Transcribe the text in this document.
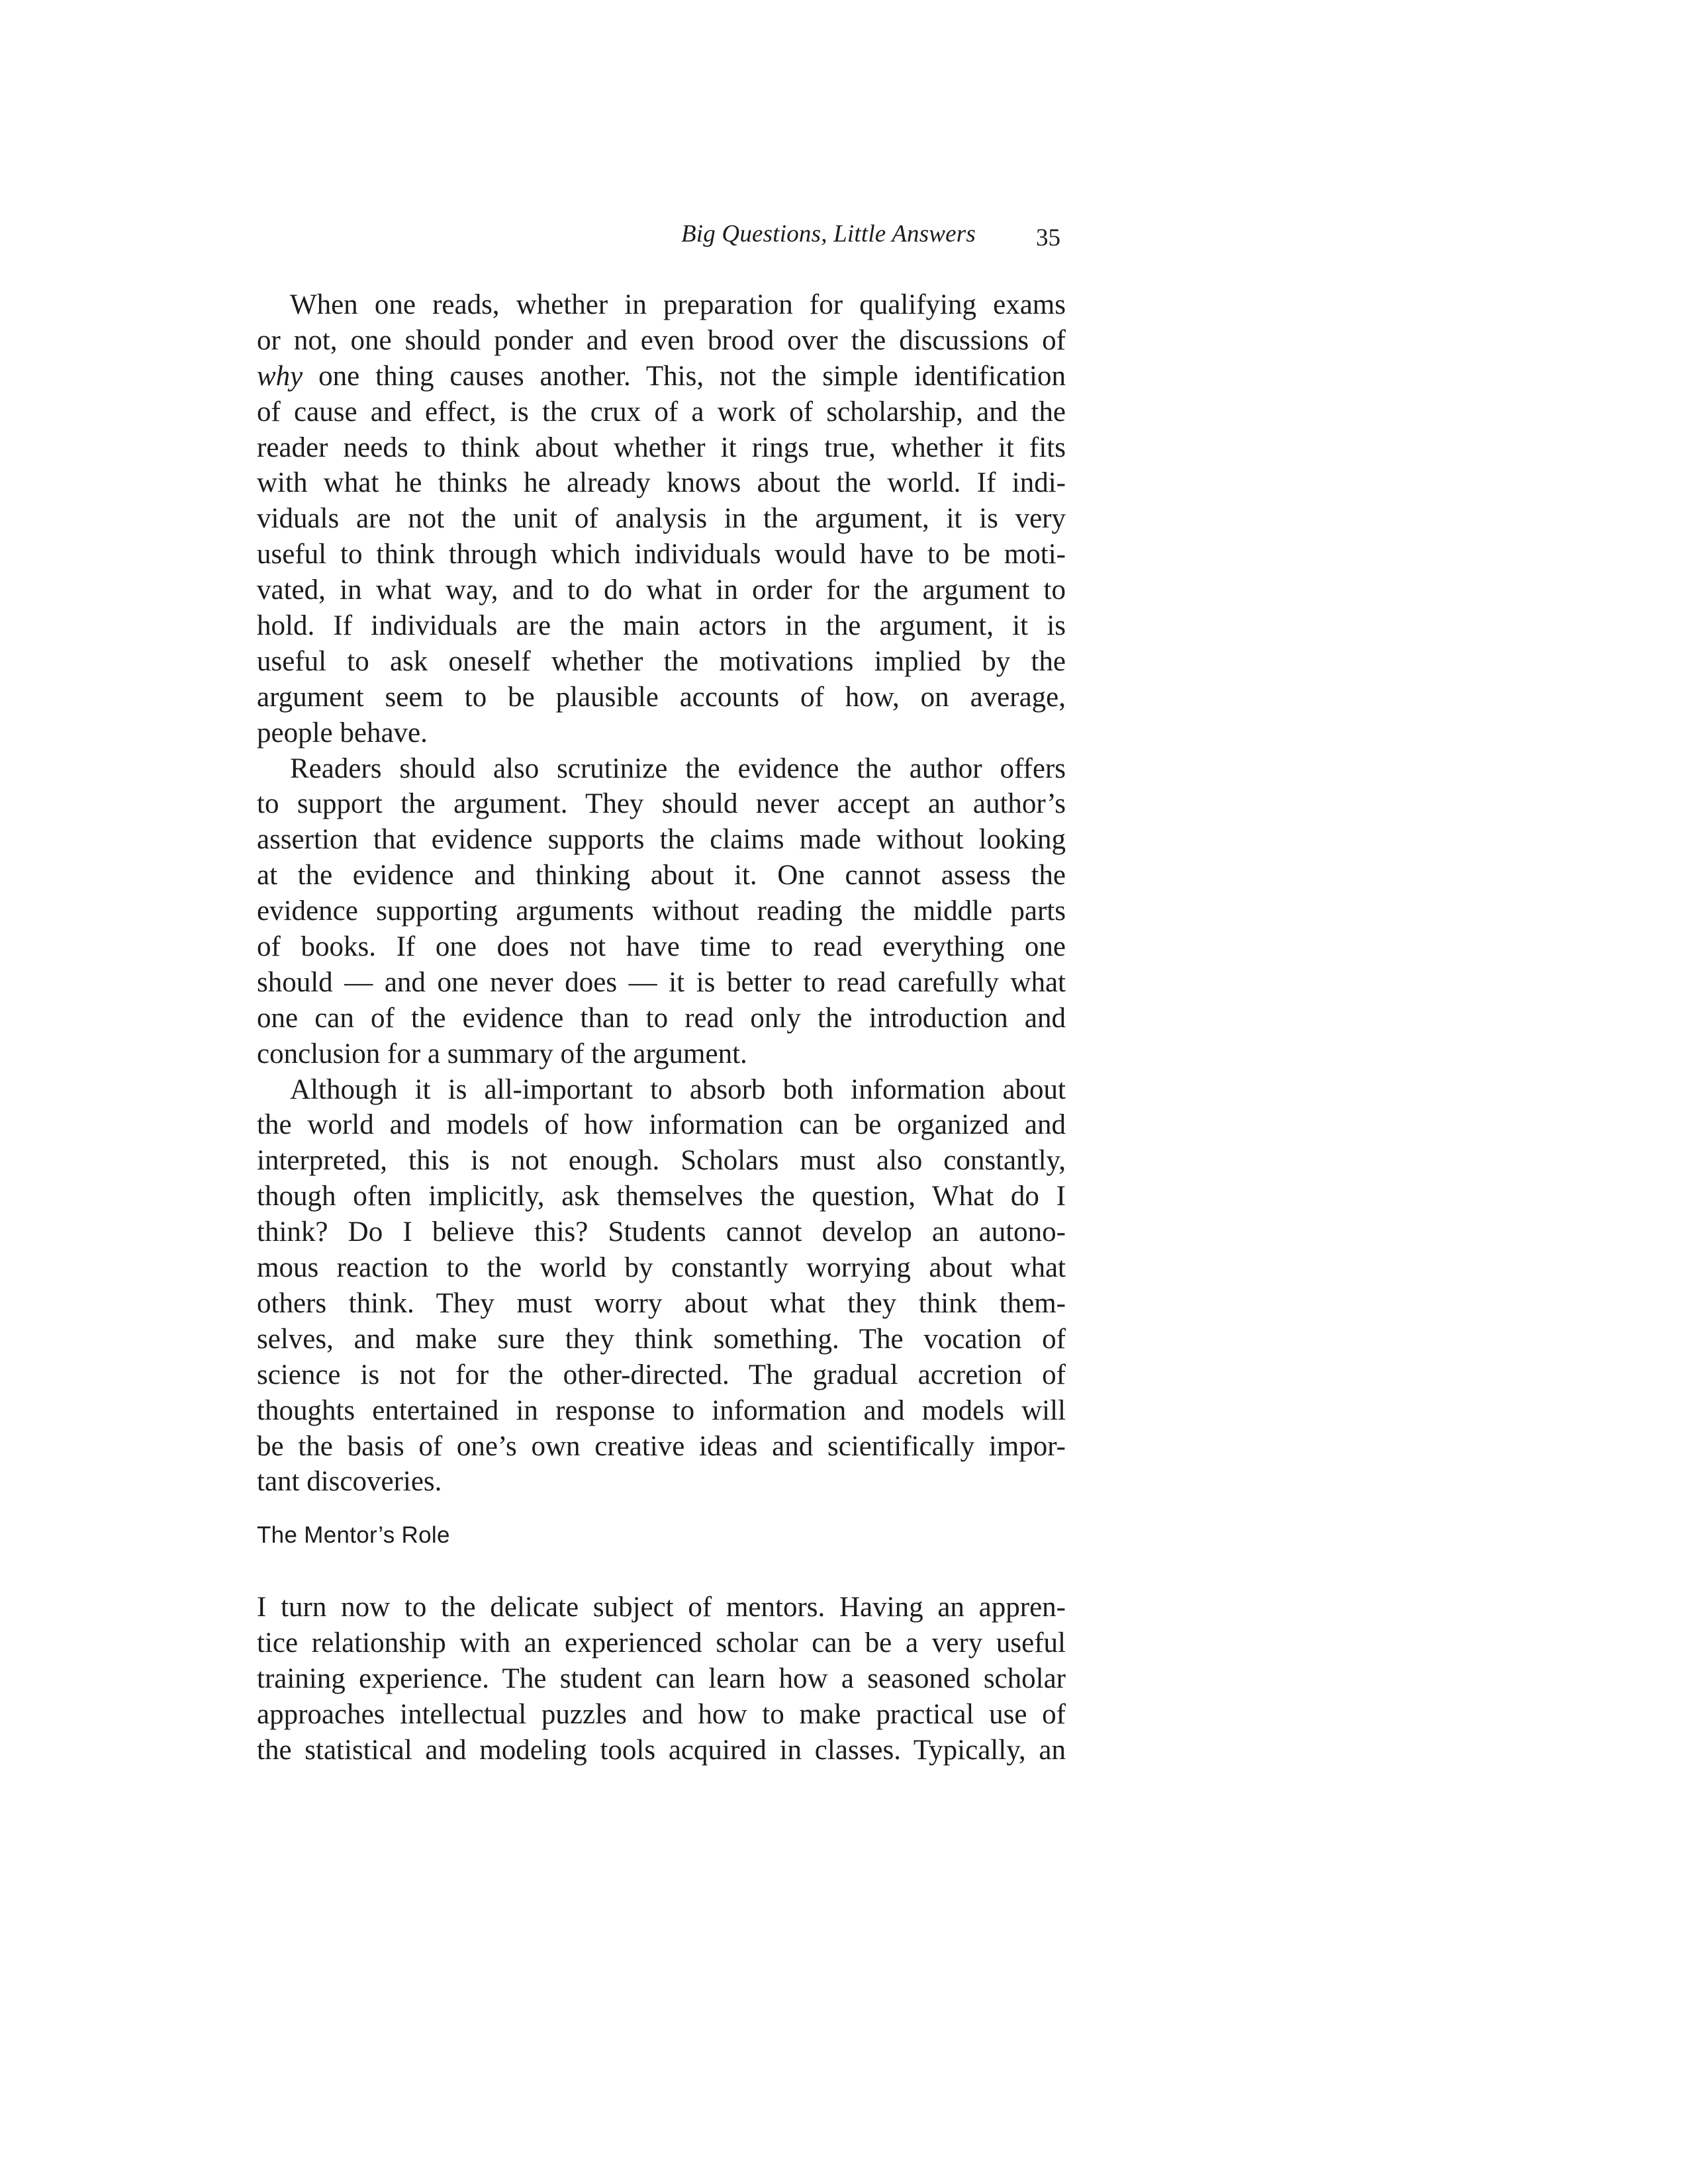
Big Questions, Little Answers 35
When one reads, whether in preparation for qualifying exams
or not, one should ponder and even brood over the discussions of
why one thing causes another. This, not the simple identification
of cause and effect, is the crux of a work of scholarship, and the
reader needs to think about whether it rings true, whether it fits
with what he thinks he already knows about the world. If indi-
viduals are not the unit of analysis in the argument, it is very
useful to think through which individuals would have to be moti-
vated, in what way, and to do what in order for the argument to
hold. If individuals are the main actors in the argument, it is
useful to ask oneself whether the motivations implied by the
argument seem to be plausible accounts of how, on average,
people behave.
Readers should also scrutinize the evidence the author offers
to support the argument. They should never accept an author’s
assertion that evidence supports the claims made without looking
at the evidence and thinking about it. One cannot assess the
evidence supporting arguments without reading the middle parts
of books. If one does not have time to read everything one
should — and one never does — it is better to read carefully what
one can of the evidence than to read only the introduction and
conclusion for a summary of the argument.
Although it is all-important to absorb both information about
the world and models of how information can be organized and
interpreted, this is not enough. Scholars must also constantly,
though often implicitly, ask themselves the question, What do I
think? Do I believe this? Students cannot develop an autono-
mous reaction to the world by constantly worrying about what
others think. They must worry about what they think them-
selves, and make sure they think something. The vocation of
science is not for the other-directed. The gradual accretion of
thoughts entertained in response to information and models will
be the basis of one’s own creative ideas and scientifically impor-
tant discoveries.
The Mentor’s Role
I turn now to the delicate subject of mentors. Having an appren-
tice relationship with an experienced scholar can be a very useful
training experience. The student can learn how a seasoned scholar
approaches intellectual puzzles and how to make practical use of
the statistical and modeling tools acquired in classes. Typically, an
